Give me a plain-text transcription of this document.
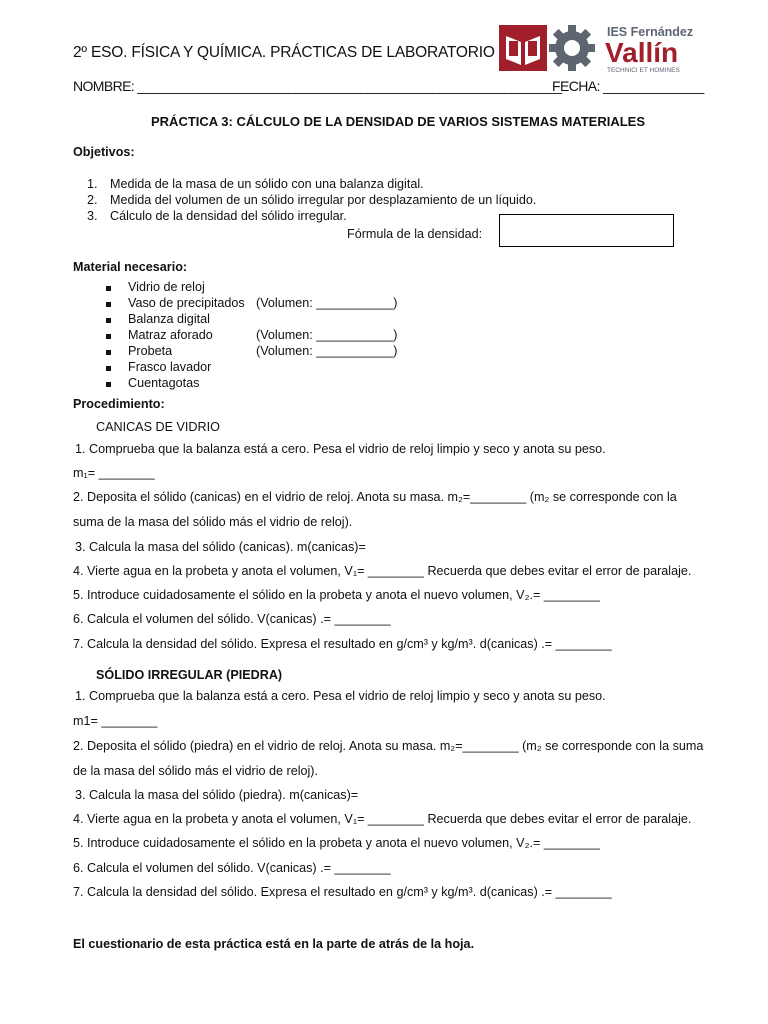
2º ESO. FÍSICA Y QUÍMICA. PRÁCTICAS DE LABORATORIO
IES Fernández
Vallín
TECHNICI ET HOMINES
NOMBRE: ___________________________________________________________
FECHA: ______________
PRÁCTICA 3: CÁLCULO DE LA DENSIDAD DE VARIOS SISTEMAS MATERIALES
Objetivos:
1. Medida de la masa de un sólido con una balanza digital.
2. Medida del volumen de un sólido irregular por desplazamiento de un líquido.
3. Cálculo de la densidad del sólido irregular.
Fórmula de la densidad:
Material necesario:
Vidrio de reloj
Vaso de precipitados (Volumen: ___________)
Balanza digital
Matraz aforado	(Volumen: ___________)
Probeta	(Volumen: ___________)
Frasco lavador
Cuentagotas
Procedimiento:
CANICAS DE VIDRIO
1. Comprueba que la balanza está a cero. Pesa el vidrio de reloj limpio y seco y anota su peso.
m₁= ________
2. Deposita el sólido (canicas) en el vidrio de reloj. Anota su masa. m₂=________ (m₂ se corresponde con la
suma de la masa del sólido más el vidrio de reloj).
3. Calcula la masa del sólido (canicas). m(canicas)=
4. Vierte agua en la probeta y anota el volumen, V₁= ________ Recuerda que debes evitar el error de paralaje.
5. Introduce cuidadosamente el sólido en la probeta y anota el nuevo volumen, V₂.= ________
6. Calcula el volumen del sólido. V(canicas) .= ________
7. Calcula la densidad del sólido. Expresa el resultado en g/cm³ y kg/m³. d(canicas) .= ________
SÓLIDO IRREGULAR (PIEDRA)
1. Comprueba que la balanza está a cero. Pesa el vidrio de reloj limpio y seco y anota su peso.
m1= ________
2. Deposita el sólido (piedra) en el vidrio de reloj. Anota su masa. m₂=________ (m₂ se corresponde con la suma
de la masa del sólido más el vidrio de reloj).
3. Calcula la masa del sólido (piedra). m(canicas)=
4. Vierte agua en la probeta y anota el volumen, V₁= ________ Recuerda que debes evitar el error de paralaje.
5. Introduce cuidadosamente el sólido en la probeta y anota el nuevo volumen, V₂.= ________
6. Calcula el volumen del sólido. V(canicas) .= ________
7. Calcula la densidad del sólido. Expresa el resultado en g/cm³ y kg/m³. d(canicas) .= ________
El cuestionario de esta práctica está en la parte de atrás de la hoja.
